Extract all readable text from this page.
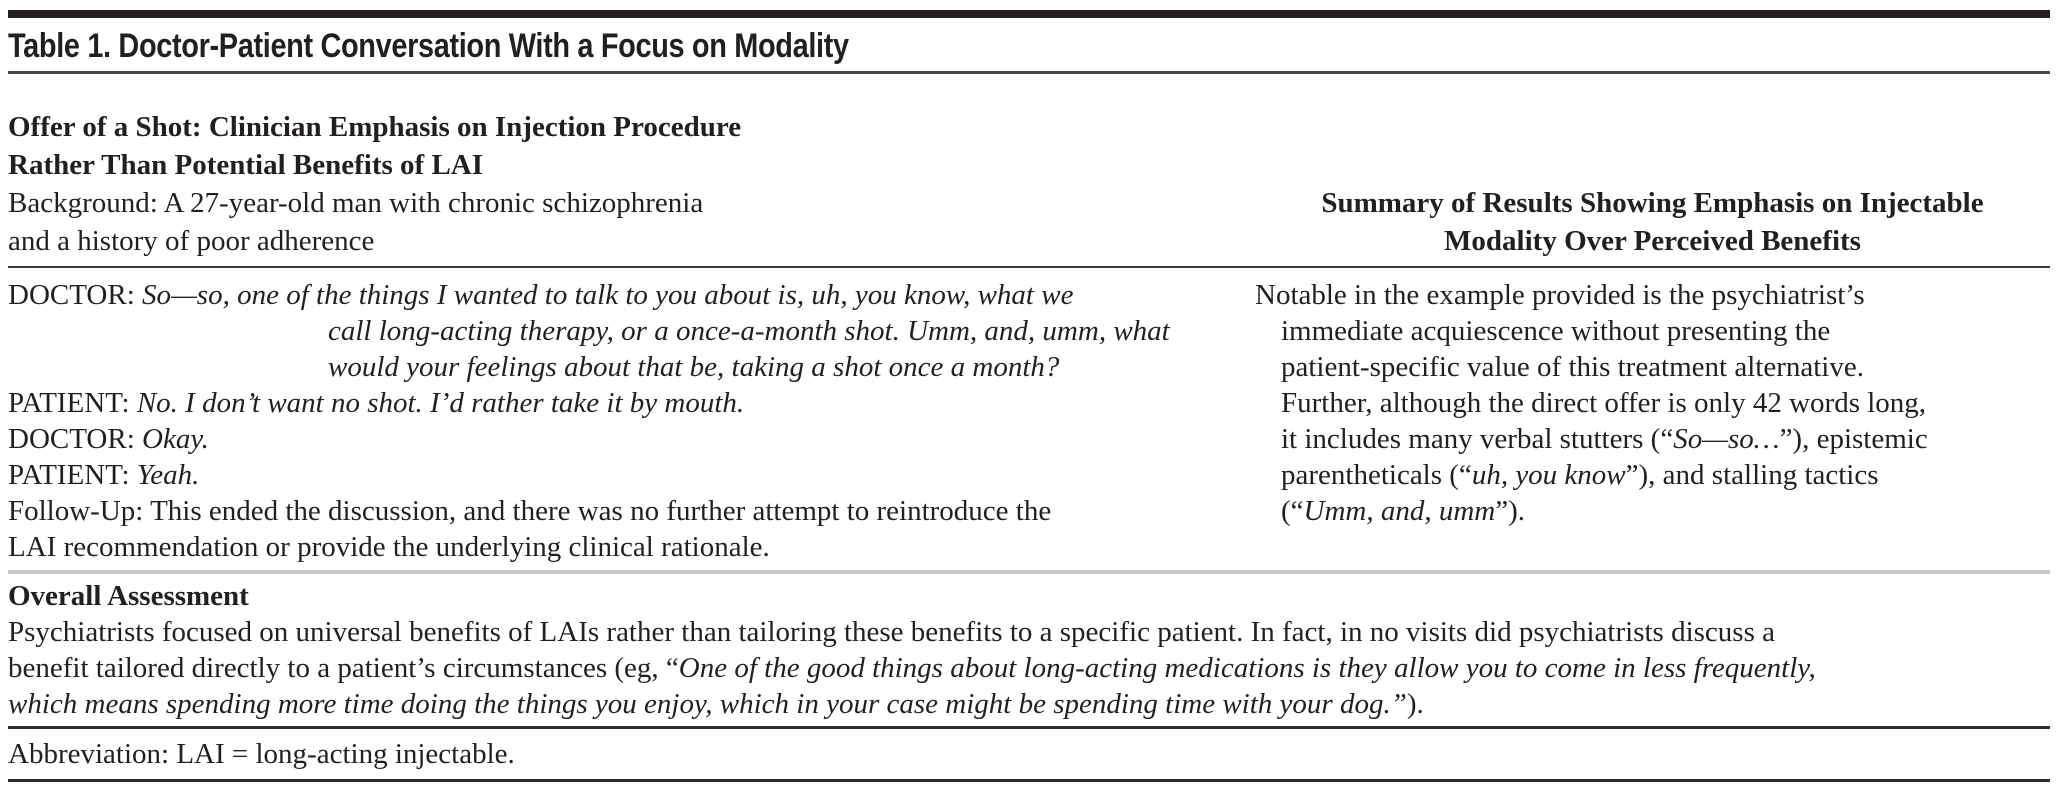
Table 1. Doctor-Patient Conversation With a Focus on Modality
Offer of a Shot: Clinician Emphasis on Injection Procedure
Rather Than Potential Benefits of LAI
Background: A 27-year-old man with chronic schizophrenia
and a history of poor adherence
Summary of Results Showing Emphasis on Injectable
Modality Over Perceived Benefits
DOCTOR: So—so, one of the things I wanted to talk to you about is, uh, you know, what we
call long-acting therapy, or a once-a-month shot. Umm, and, umm, what
would your feelings about that be, taking a shot once a month?
PATIENT: No. I don’t want no shot. I’d rather take it by mouth.
DOCTOR: Okay.
PATIENT: Yeah.
Follow-Up: This ended the discussion, and there was no further attempt to reintroduce the
LAI recommendation or provide the underlying clinical rationale.
Notable in the example provided is the psychiatrist’s
immediate acquiescence without presenting the
patient-specific value of this treatment alternative.
Further, although the direct offer is only 42 words long,
it includes many verbal stutters (“So—so…”), epistemic
parentheticals (“uh, you know”), and stalling tactics
(“Umm, and, umm”).
Overall Assessment
Psychiatrists focused on universal benefits of LAIs rather than tailoring these benefits to a specific patient. In fact, in no visits did psychiatrists discuss a
benefit tailored directly to a patient’s circumstances (eg, “One of the good things about long-acting medications is they allow you to come in less frequently,
which means spending more time doing the things you enjoy, which in your case might be spending time with your dog.”).
Abbreviation: LAI = long-acting injectable.
